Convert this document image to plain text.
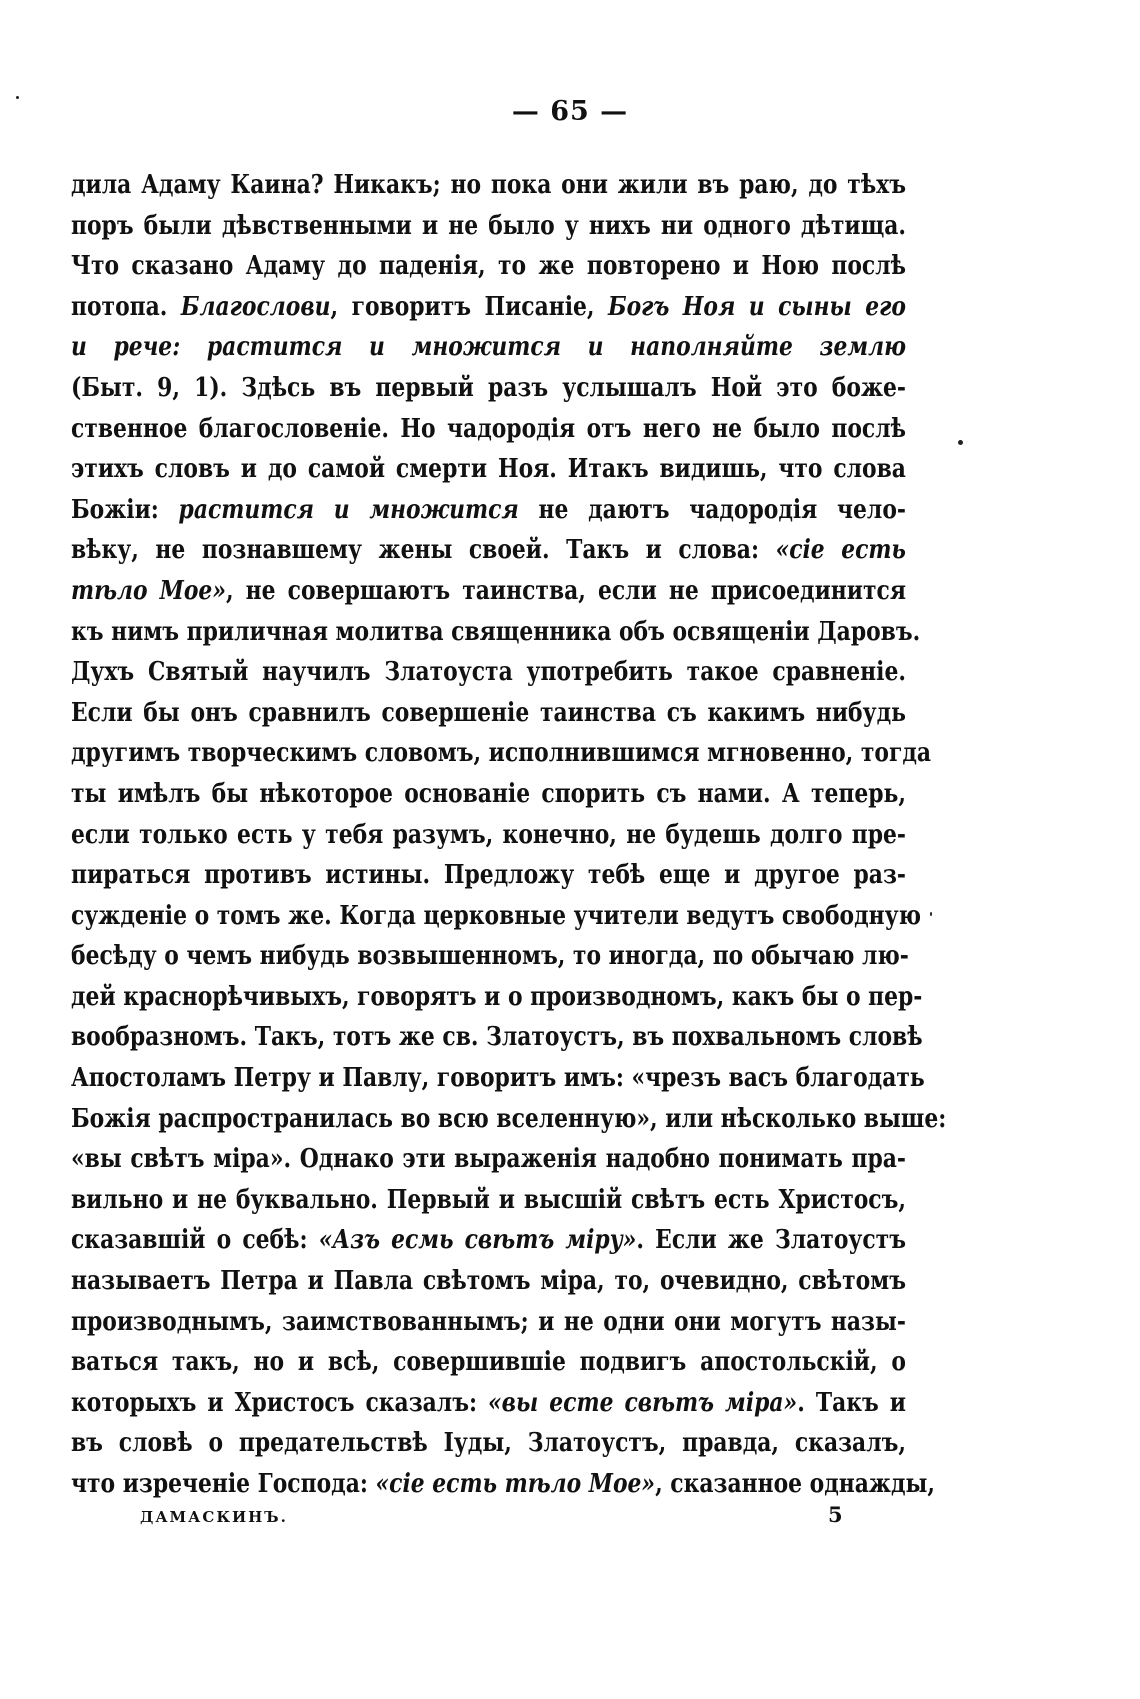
— 65 —
дила Адаму Каина? Никакъ; но пока они жили въ раю, до тѣхъ
поръ были дѣвственными и не было у нихъ ни одного дѣтища.
Что сказано Адаму до паденія, то же повторено и Ною послѣ
потопа. Благослови, говоритъ Писаніе, Богъ Ноя и сыны его
и рече: растится и множится и наполняйте землю
(Быт. 9, 1). Здѣсь въ первый разъ услышалъ Ной это боже-
ственное благословеніе. Но чадородія отъ него не было послѣ
этихъ словъ и до самой смерти Ноя. Итакъ видишь, что слова
Божіи: растится и множится не даютъ чадородія чело-
вѣку, не познавшему жены своей. Такъ и слова: «сіе есть
тѣло Мое», не совершаютъ таинства, если не присоединится
къ нимъ приличная молитва священника объ освященіи Даровъ.
Духъ Святый научилъ Златоуста употребить такое сравненіе.
Если бы онъ сравнилъ совершеніе таинства съ какимъ нибудь
другимъ творческимъ словомъ, исполнившимся мгновенно, тогда
ты имѣлъ бы нѣкоторое основаніе спорить съ нами. А теперь,
если только есть у тебя разумъ, конечно, не будешь долго пре-
пираться противъ истины. Предложу тебѣ еще и другое раз-
сужденіе о томъ же. Когда церковные учители ведутъ свободную
бесѣду о чемъ нибудь возвышенномъ, то иногда, по обычаю лю-
дей краснорѣчивыхъ, говорятъ и о производномъ, какъ бы о пер-
вообразномъ. Такъ, тотъ же св. Златоустъ, въ похвальномъ словѣ
Апостоламъ Петру и Павлу, говоритъ имъ: «чрезъ васъ благодать
Божія распространилась во всю вселенную», или нѣсколько выше:
«вы свѣтъ міра». Однако эти выраженія надобно понимать пра-
вильно и не буквально. Первый и высшій свѣтъ есть Христосъ,
сказавшій о себѣ: «Азъ есмь свѣтъ міру». Если же Златоустъ
называетъ Петра и Павла свѣтомъ міра, то, очевидно, свѣтомъ
производнымъ, заимствованнымъ; и не одни они могутъ назы-
ваться такъ, но и всѣ, совершившіе подвигъ апостольскій, о
которыхъ и Христосъ сказалъ: «вы есте свѣтъ міра». Такъ и
въ словѣ о предательствѣ Іуды, Златоустъ, правда, сказалъ,
что изреченіе Господа: «сіе есть тѣло Мое», сказанное однажды,
ДАМАСКИНЪ.	5
